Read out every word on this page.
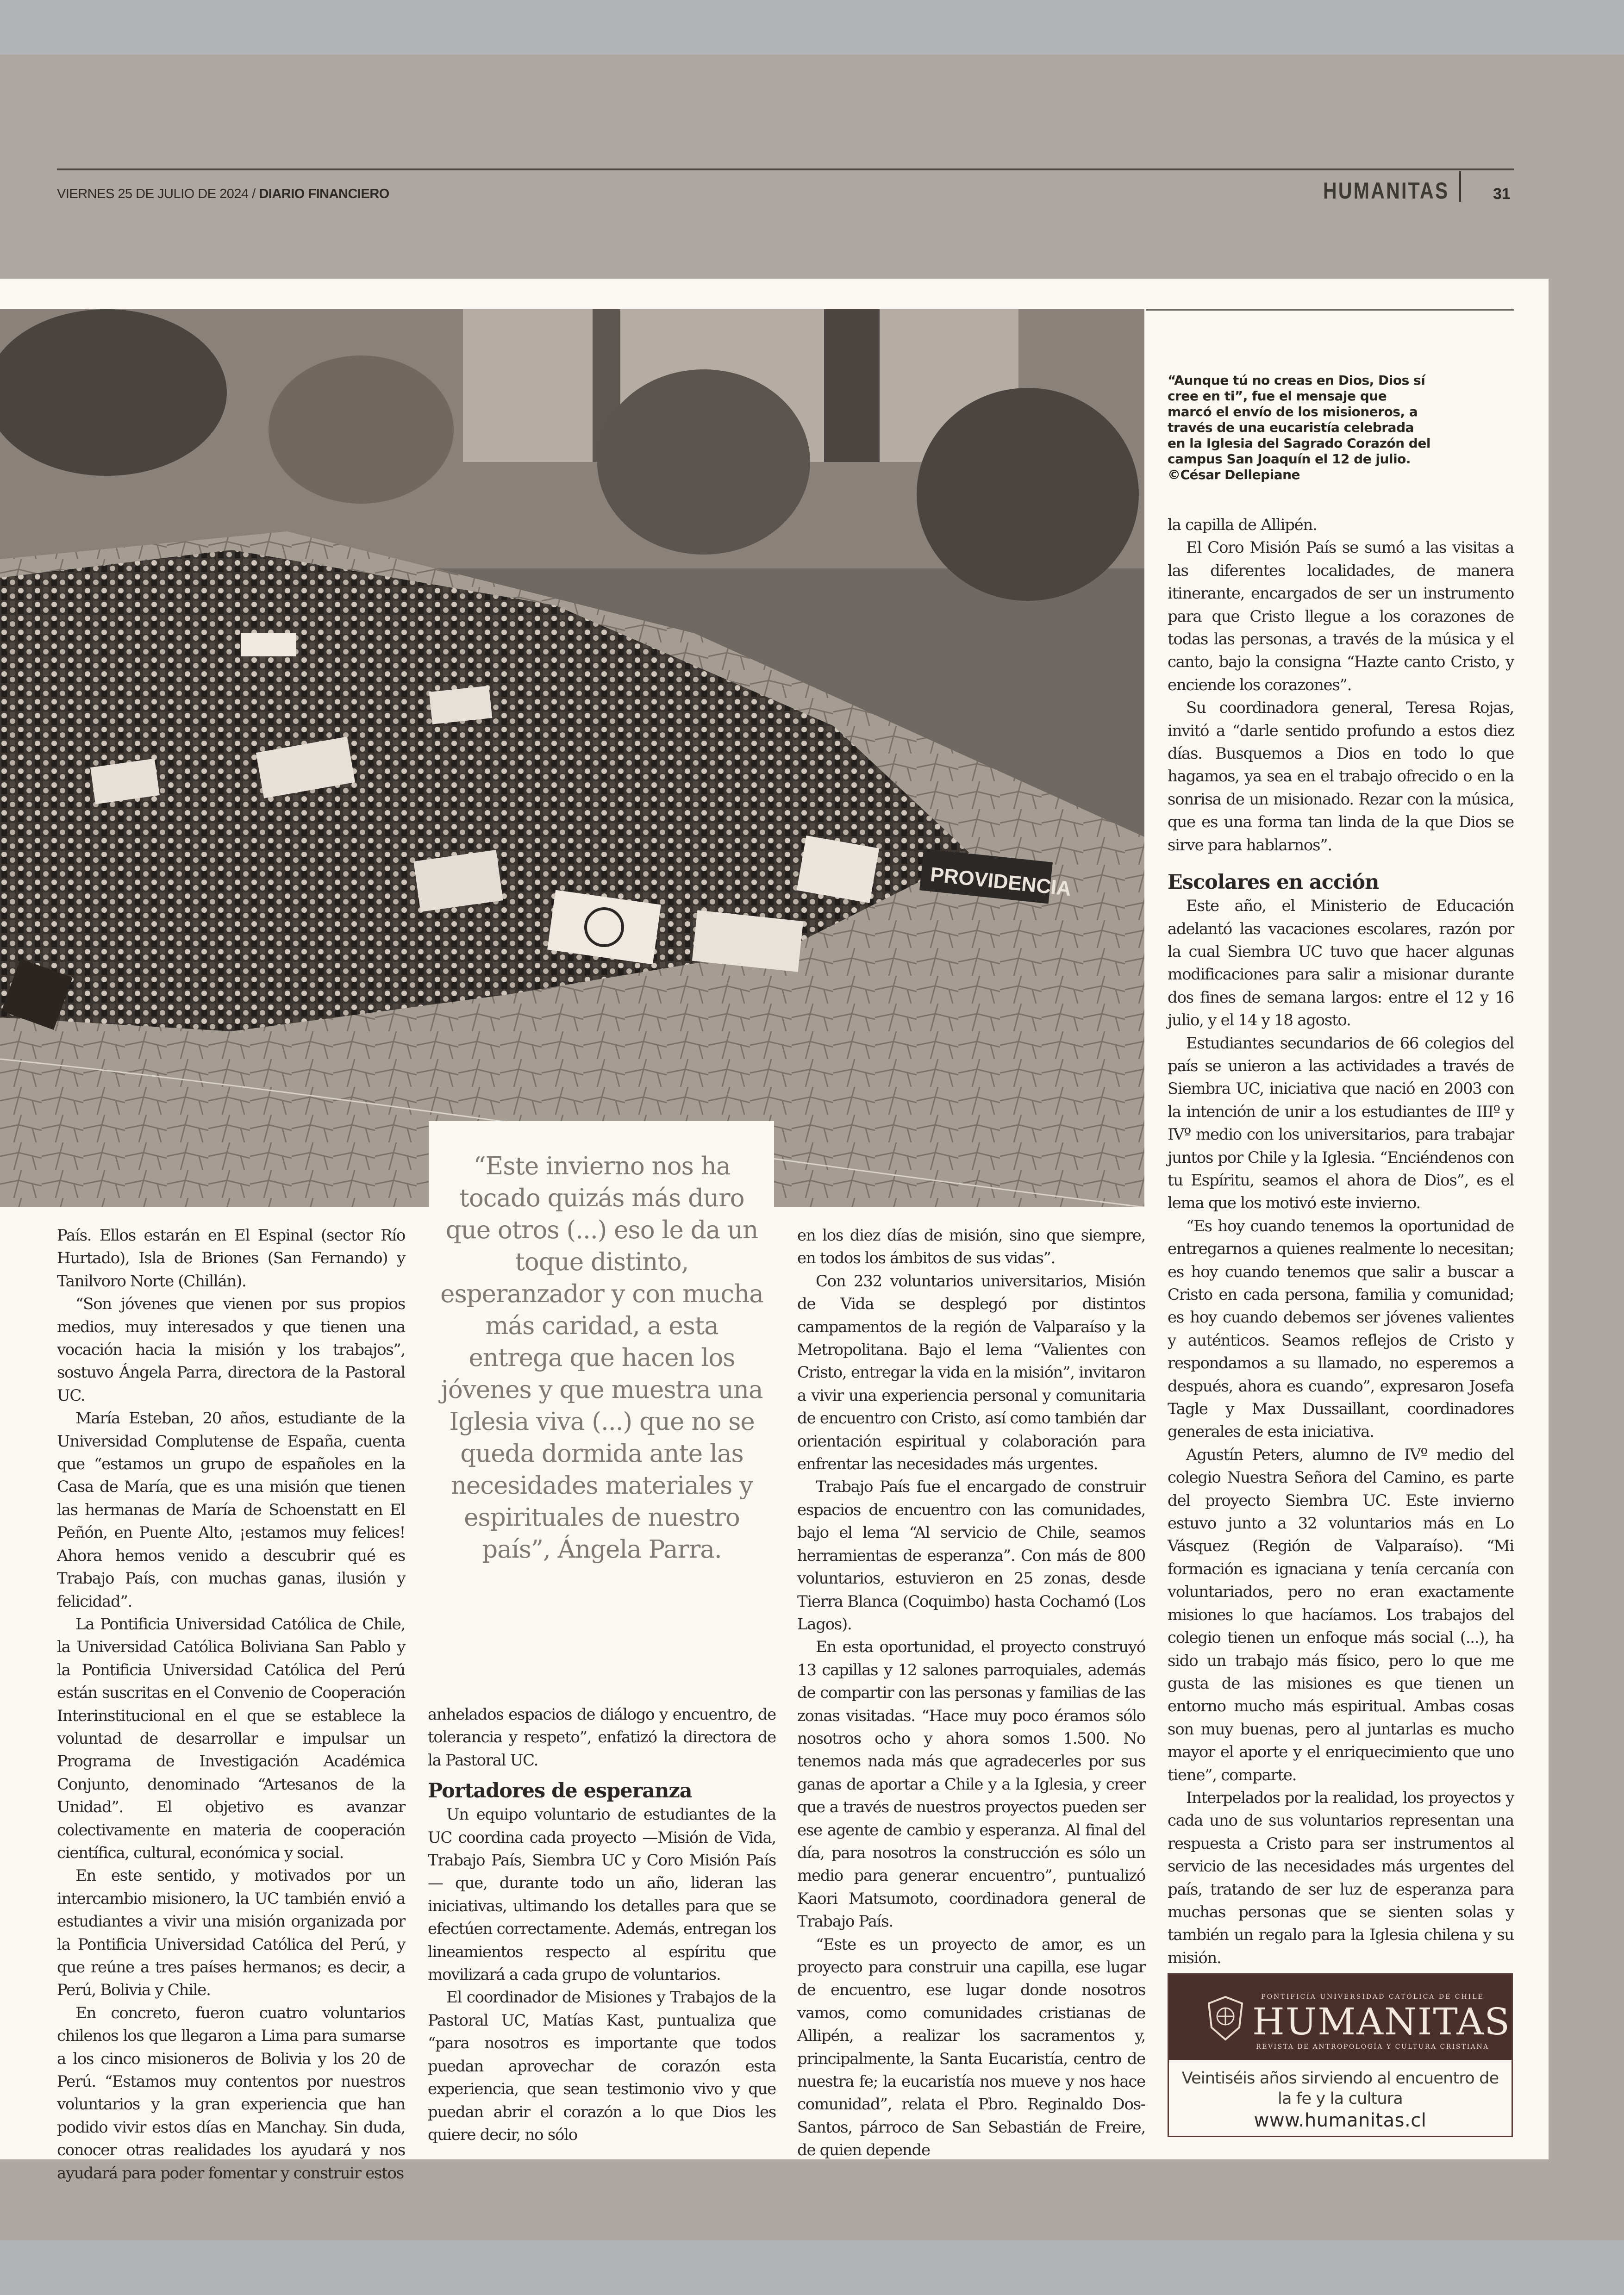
VIERNES 25 DE JULIO DE 2024 / DIARIO FINANCIERO	HUMANITAS	31
PROVIDENCIA
“Aunque tú no creas en Dios, Dios sí cree en ti”, fue el mensaje que marcó el envío de los misioneros, a través de una eucaristía celebrada en la Iglesia del Sagrado Corazón del campus San Joaquín el 12 de julio. ©César Dellepiane
“Este invierno nos ha tocado quizás más duro que otros (...) eso le da un toque distinto, esperanzador y con mucha más caridad, a esta entrega que hacen los jóvenes y que muestra una Iglesia viva (...) que no se queda dormida ante las necesidades materiales y espirituales de nuestro país”, Ángela Parra.

País. Ellos estarán en El Espinal (sector Río Hurtado), Isla de Briones (San Fernando) y Tanilvoro Norte (Chillán).

“Son jóvenes que vienen por sus propios medios, muy interesados y que tienen una vocación hacia la misión y los trabajos”, sostuvo Ángela Parra, directora de la Pastoral UC.

María Esteban, 20 años, estudiante de la Universidad Complutense de España, cuenta que “estamos un grupo de españoles en la Casa de María, que es una misión que tienen las hermanas de María de Schoenstatt en El Peñón, en Puente Alto, ¡estamos muy felices! Ahora hemos venido a descubrir qué es Trabajo País, con muchas ganas, ilusión y felicidad”.

La Pontificia Universidad Católica de Chile, la Universidad Católica Boliviana San Pablo y la Pontificia Universidad Católica del Perú están suscritas en el Convenio de Cooperación Interinstitucional en el que se establece la voluntad de desarrollar e impulsar un Programa de Investigación Académica Conjunto, denominado “Artesanos de la Unidad”. El objetivo es avanzar colectivamente en materia de cooperación científica, cultural, económica y social.

En este sentido, y motivados por un intercambio misionero, la UC también envió a estudiantes a vivir una misión organizada por la Pontificia Universidad Católica del Perú, y que reúne a tres países hermanos; es decir, a Perú, Bolivia y Chile.

En concreto, fueron cuatro voluntarios chilenos los que llegaron a Lima para sumarse a los cinco misioneros de Bolivia y los 20 de Perú. “Estamos muy contentos por nuestros voluntarios y la gran experiencia que han podido vivir estos días en Manchay. Sin duda, conocer otras realidades los ayudará y nos ayudará para poder fomentar y construir estos

anhelados espacios de diálogo y encuentro, de tolerancia y respeto”, enfatizó la directora de la Pastoral UC.

Portadores de esperanza

Un equipo voluntario de estudiantes de la UC coordina cada proyecto —Misión de Vida, Trabajo País, Siembra UC y Coro Misión País— que, durante todo un año, lideran las iniciativas, ultimando los detalles para que se efectúen correctamente. Además, entregan los lineamientos respecto al espíritu que movilizará a cada grupo de voluntarios.

El coordinador de Misiones y Trabajos de la Pastoral UC, Matías Kast, puntualiza que “para nosotros es importante que todos puedan aprovechar de corazón esta experiencia, que sean testimonio vivo y que puedan abrir el corazón a lo que Dios les quiere decir, no sólo

en los diez días de misión, sino que siempre, en todos los ámbitos de sus vidas”.

Con 232 voluntarios universitarios, Misión de Vida se desplegó por distintos campamentos de la región de Valparaíso y la Metropolitana. Bajo el lema “Valientes con Cristo, entregar la vida en la misión”, invitaron a vivir una experiencia personal y comunitaria de encuentro con Cristo, así como también dar orientación espiritual y colaboración para enfrentar las necesidades más urgentes.

Trabajo País fue el encargado de construir espacios de encuentro con las comunidades, bajo el lema “Al servicio de Chile, seamos herramientas de esperanza”. Con más de 800 voluntarios, estuvieron en 25 zonas, desde Tierra Blanca (Coquimbo) hasta Cochamó (Los Lagos).

En esta oportunidad, el proyecto construyó 13 capillas y 12 salones parroquiales, además de compartir con las personas y familias de las zonas visitadas. “Hace muy poco éramos sólo nosotros ocho y ahora somos 1.500. No tenemos nada más que agradecerles por sus ganas de aportar a Chile y a la Iglesia, y creer que a través de nuestros proyectos pueden ser ese agente de cambio y esperanza. Al final del día, para nosotros la construcción es sólo un medio para generar encuentro”, puntualizó Kaori Matsumoto, coordinadora general de Trabajo País.

“Este es un proyecto de amor, es un proyecto para construir una capilla, ese lugar de encuentro, ese lugar donde nosotros vamos, como comunidades cristianas de Allipén, a realizar los sacramentos y, principalmente, la Santa Eucaristía, centro de nuestra fe; la eucaristía nos mueve y nos hace comunidad”, relata el Pbro. Reginaldo Dos-Santos, párroco de San Sebastián de Freire, de quien depende

la capilla de Allipén.

El Coro Misión País se sumó a las visitas a las diferentes localidades, de manera itinerante, encargados de ser un instrumento para que Cristo llegue a los corazones de todas las personas, a través de la música y el canto, bajo la consigna “Hazte canto Cristo, y enciende los corazones”.

Su coordinadora general, Teresa Rojas, invitó a “darle sentido profundo a estos diez días. Busquemos a Dios en todo lo que hagamos, ya sea en el trabajo ofrecido o en la sonrisa de un misionado. Rezar con la música, que es una forma tan linda de la que Dios se sirve para hablarnos”.

Escolares en acción

Este año, el Ministerio de Educación adelantó las vacaciones escolares, razón por la cual Siembra UC tuvo que hacer algunas modificaciones para salir a misionar durante dos fines de semana largos: entre el 12 y 16 julio, y el 14 y 18 agosto.

Estudiantes secundarios de 66 colegios del país se unieron a las actividades a través de Siembra UC, iniciativa que nació en 2003 con la intención de unir a los estudiantes de IIIº y IVº medio con los universitarios, para trabajar juntos por Chile y la Iglesia. “Enciéndenos con tu Espíritu, seamos el ahora de Dios”, es el lema que los motivó este invierno.

“Es hoy cuando tenemos la oportunidad de entregarnos a quienes realmente lo necesitan; es hoy cuando tenemos que salir a buscar a Cristo en cada persona, familia y comunidad; es hoy cuando debemos ser jóvenes valientes y auténticos. Seamos reflejos de Cristo y respondamos a su llamado, no esperemos a después, ahora es cuando”, expresaron Josefa Tagle y Max Dussaillant, coordinadores generales de esta iniciativa.

Agustín Peters, alumno de IVº medio del colegio Nuestra Señora del Camino, es parte del proyecto Siembra UC. Este invierno estuvo junto a 32 voluntarios más en Lo Vásquez (Región de Valparaíso). “Mi formación es ignaciana y tenía cercanía con voluntariados, pero no eran exactamente misiones lo que hacíamos. Los trabajos del colegio tienen un enfoque más social (...), ha sido un trabajo más físico, pero lo que me gusta de las misiones es que tienen un entorno mucho más espiritual. Ambas cosas son muy buenas, pero al juntarlas es mucho mayor el aporte y el enriquecimiento que uno tiene”, comparte.

Interpelados por la realidad, los proyectos y cada uno de sus voluntarios representan una respuesta a Cristo para ser instrumentos al servicio de las necesidades más urgentes del país, tratando de ser luz de esperanza para muchas personas que se sienten solas y también un regalo para la Iglesia chilena y su misión.

PONTIFICIA UNIVERSIDAD CATÓLICA DE CHILE
HUMANITAS
REVISTA DE ANTROPOLOGÍA Y CULTURA CRISTIANA
Veintiséis años sirviendo al encuentro de la fe y la cultura
www.humanitas.cl
